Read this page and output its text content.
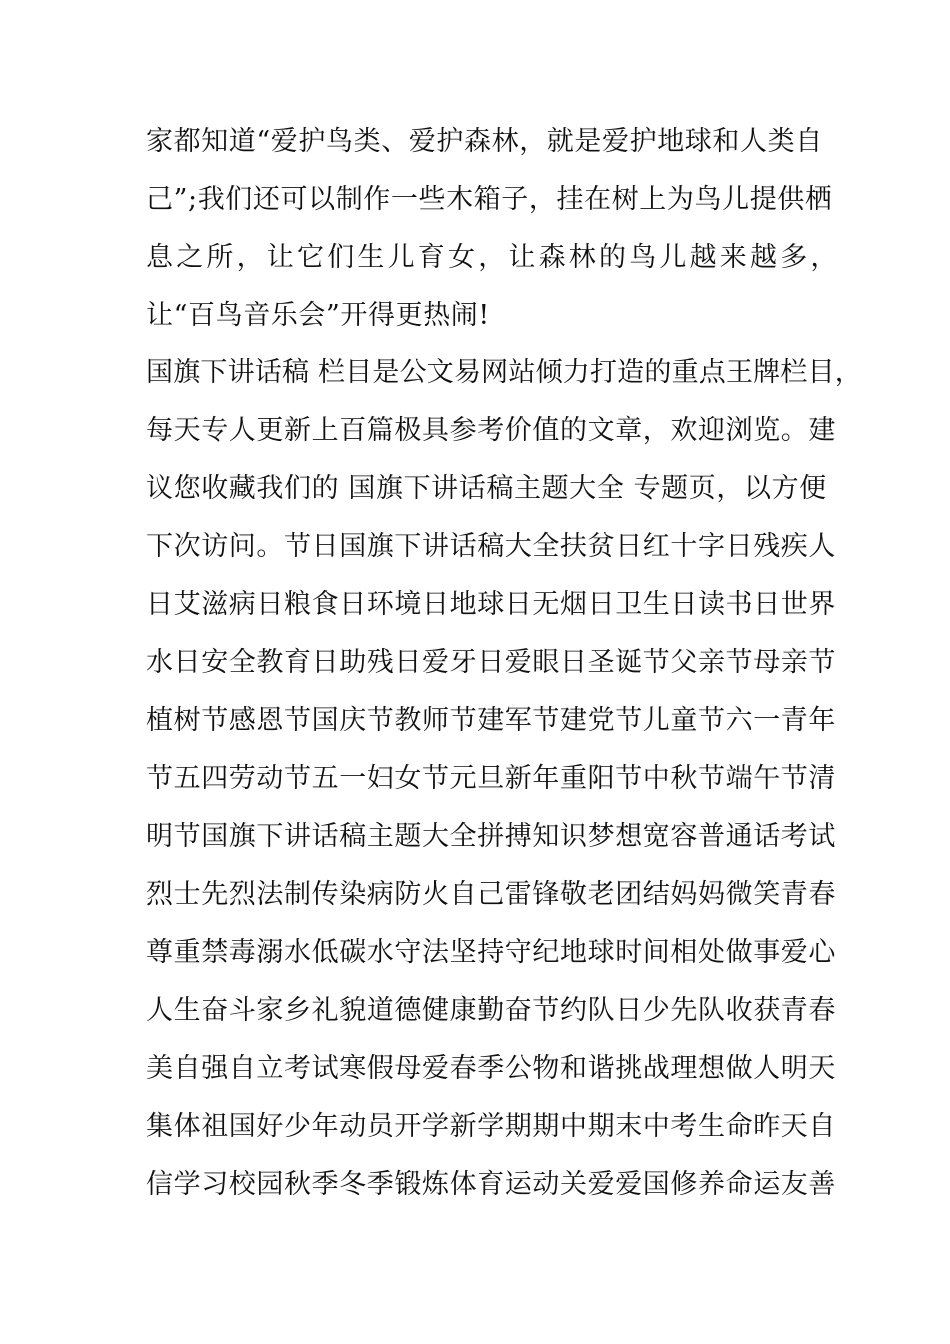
家都知道“爱护鸟类、爱护森林，就是爱护地球和人类自
己”;我们还可以制作一些木箱子，挂在树上为鸟儿提供栖
息之所，让它们生儿育女，让森林的鸟儿越来越多，
让“百鸟音乐会”开得更热闹!
国旗下讲话稿 栏目是公文易网站倾力打造的重点王牌栏目，
每天专人更新上百篇极具参考价值的文章，欢迎浏览。建
议您收藏我们的 国旗下讲话稿主题大全 专题页，以方便
下次访问。节日国旗下讲话稿大全扶贫日红十字日残疾人
日艾滋病日粮食日环境日地球日无烟日卫生日读书日世界
水日安全教育日助残日爱牙日爱眼日圣诞节父亲节母亲节
植树节感恩节国庆节教师节建军节建党节儿童节六一青年
节五四劳动节五一妇女节元旦新年重阳节中秋节端午节清
明节国旗下讲话稿主题大全拼搏知识梦想宽容普通话考试
烈士先烈法制传染病防火自己雷锋敬老团结妈妈微笑青春
尊重禁毒溺水低碳水守法坚持守纪地球时间相处做事爱心
人生奋斗家乡礼貌道德健康勤奋节约队日少先队收获青春
美自强自立考试寒假母爱春季公物和谐挑战理想做人明天
集体祖国好少年动员开学新学期期中期末中考生命昨天自
信学习校园秋季冬季锻炼体育运动关爱爱国修养命运友善
